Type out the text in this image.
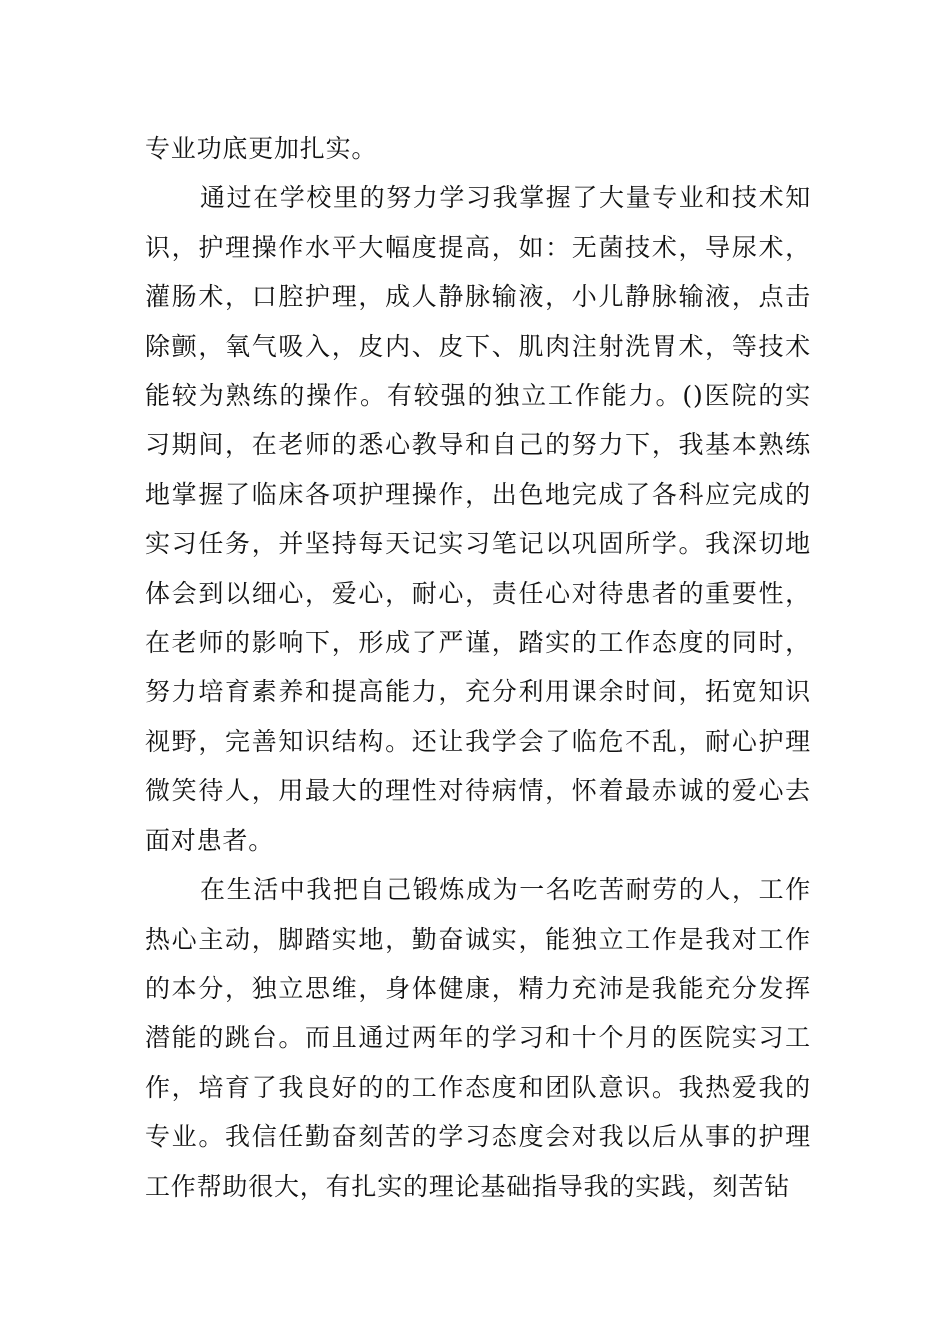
专业功底更加扎实。

通过在学校里的努力学习我掌握了大量专业和技术知识，护理操作水平大幅度提高，如：无菌技术，导尿术，灌肠术，口腔护理，成人静脉输液，小儿静脉输液，点击除颤，氧气吸入，皮内、皮下、肌肉注射洗胃术，等技术能较为熟练的操作。有较强的独立工作能力。()医院的实习期间，在老师的悉心教导和自己的努力下，我基本熟练地掌握了临床各项护理操作，出色地完成了各科应完成的实习任务，并坚持每天记实习笔记以巩固所学。我深切地体会到以细心，爱心，耐心，责任心对待患者的重要性，在老师的影响下，形成了严谨，踏实的工作态度的同时，努力培育素养和提高能力，充分利用课余时间，拓宽知识视野，完善知识结构。还让我学会了临危不乱，耐心护理微笑待人，用最大的理性对待病情，怀着最赤诚的爱心去面对患者。

在生活中我把自己锻炼成为一名吃苦耐劳的人，工作热心主动，脚踏实地，勤奋诚实，能独立工作是我对工作的本分，独立思维，身体健康，精力充沛是我能充分发挥潜能的跳台。而且通过两年的学习和十个月的医院实习工作，培育了我良好的的工作态度和团队意识。我热爱我的专业。我信任勤奋刻苦的学习态度会对我以后从事的护理工作帮助很大，有扎实的理论基础指导我的实践，刻苦钻
